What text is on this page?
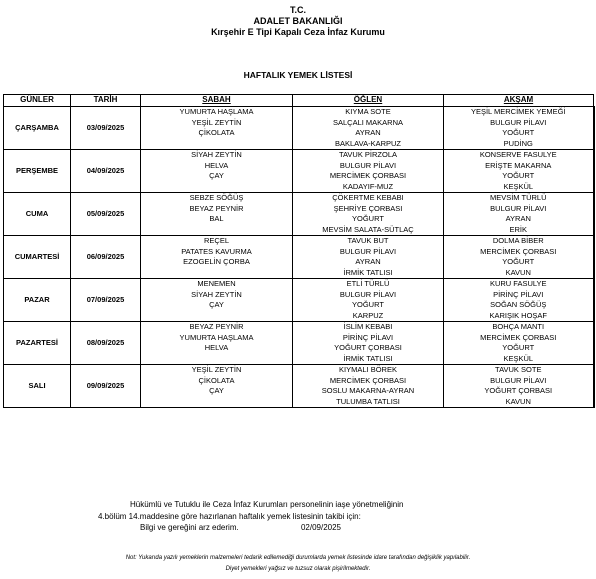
T.C.
ADALET BAKANLIĞI
Kırşehir E Tipi Kapalı Ceza İnfaz Kurumu
HAFTALIK YEMEK LİSTESİ
GÜNLER	TARİH	SABAH	ÖĞLEN	AKŞAM
ÇARŞAMBA	03/09/2025	YUMURTA HAŞLAMA
YEŞİL ZEYTİN
ÇİKOLATA	KIYMA SOTE
SALÇALI MAKARNA
AYRAN
BAKLAVA-KARPUZ	YEŞİL MERCİMEK YEMEĞİ
BULGUR PİLAVI
YOĞURT
PUDİNG

PERŞEMBE	04/09/2025	SİYAH ZEYTİN
HELVA
ÇAY	TAVUK PİRZOLA
BULGUR PİLAVI
MERCİMEK ÇORBASI
KADAYIF-MUZ	KONSERVE FASULYE
ERİŞTE MAKARNA
YOĞURT
KEŞKÜL

CUMA	05/09/2025	SEBZE SÖĞÜŞ
BEYAZ PEYNİR
BAL	ÇÖKERTME KEBABI
ŞEHRİYE ÇORBASI
YOĞURT
MEVSİM SALATA-SÜTLAÇ	MEVSİM TÜRLÜ
BULGUR PİLAVI
AYRAN
ERİK

CUMARTESİ	06/09/2025	REÇEL
PATATES KAVURMA
EZOGELİN ÇORBA	TAVUK BUT
BULGUR PİLAVI
AYRAN
İRMİK TATLISI	DOLMA BİBER
MERCİMEK ÇORBASI
YOĞURT
KAVUN

PAZAR	07/09/2025	MENEMEN
SİYAH ZEYTİN
ÇAY	ETLİ TÜRLÜ
BULGUR PİLAVI
YOĞURT
KARPUZ	KURU FASULYE
PİRİNÇ PİLAVI
SOĞAN SÖĞÜŞ
KARIŞIK HOŞAF

PAZARTESİ	08/09/2025	BEYAZ PEYNİR
YUMURTA HAŞLAMA
HELVA	İSLİM KEBABI
PİRİNÇ PİLAVI
YOĞURT ÇORBASI
İRMİK TATLISI	BOHÇA MANTI
MERCİMEK ÇORBASI
YOĞURT
KEŞKÜL

SALI	09/09/2025	YEŞİL ZEYTİN
ÇİKOLATA
ÇAY	KIYMALI BÖREK
MERCİMEK ÇORBASI
SOSLU MAKARNA-AYRAN
TULUMBA TATLISI	TAVUK SOTE
BULGUR PİLAVI
YOĞURT ÇORBASI
KAVUN
Hükümlü ve Tutuklu ile Ceza İnfaz Kurumları personelinin iaşe yönetmeliğinin
4.bölüm 14.maddesine göre hazırlanan haftalık yemek listesinin takibi için:
Bilgi ve gereğini arz ederim.	02/09/2025
Not: Yukarıda yazılı yemeklerin malzemeleri tedarik edilemediği durumlarda yemek listesinde idare tarafından değişiklik yapılabilir.
Diyet yemekleri yağsız ve tuzsuz olarak pişirilmektedir.
